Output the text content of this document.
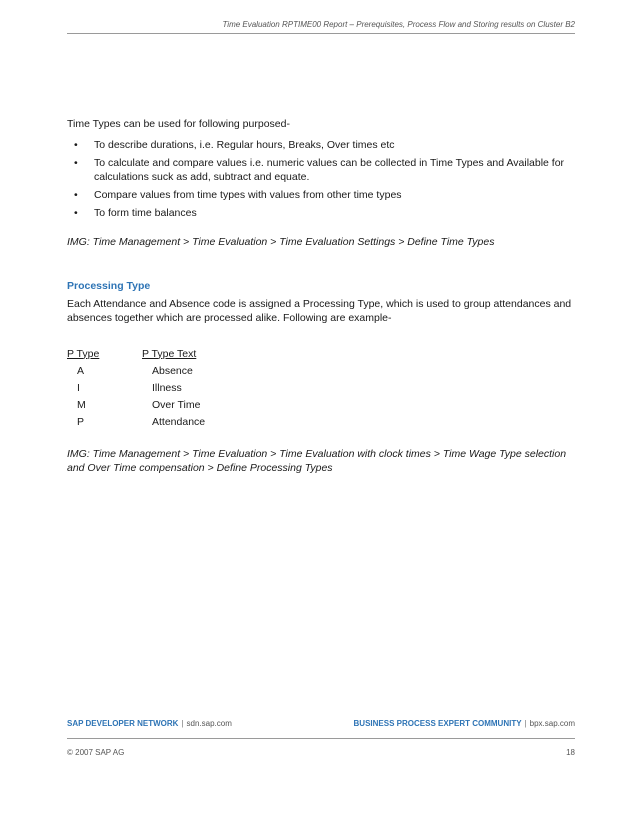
Time Evaluation RPTIME00 Report – Prerequisites, Process Flow and Storing results on Cluster B2
Time Types can be used for following purposed-
• To describe durations, i.e. Regular hours, Breaks, Over times etc
• To calculate and compare values i.e. numeric values can be collected in Time Types and Available for calculations suck as add, subtract and equate.
• Compare values from time types with values from other time types
• To form time balances
IMG: Time Management > Time Evaluation > Time Evaluation Settings > Define Time Types
Processing Type
Each Attendance and Absence code is assigned a Processing Type, which is used to group attendances and absences together which are processed alike. Following are example-
P Type	P Type Text
A	Absence
I	Illness
M	Over Time
P	Attendance
IMG: Time Management > Time Evaluation > Time Evaluation with clock times > Time Wage Type selection and Over Time compensation > Define Processing Types
SAP DEVELOPER NETWORK | sdn.sap.com	BUSINESS PROCESS EXPERT COMMUNITY | bpx.sap.com
© 2007 SAP AG	18
